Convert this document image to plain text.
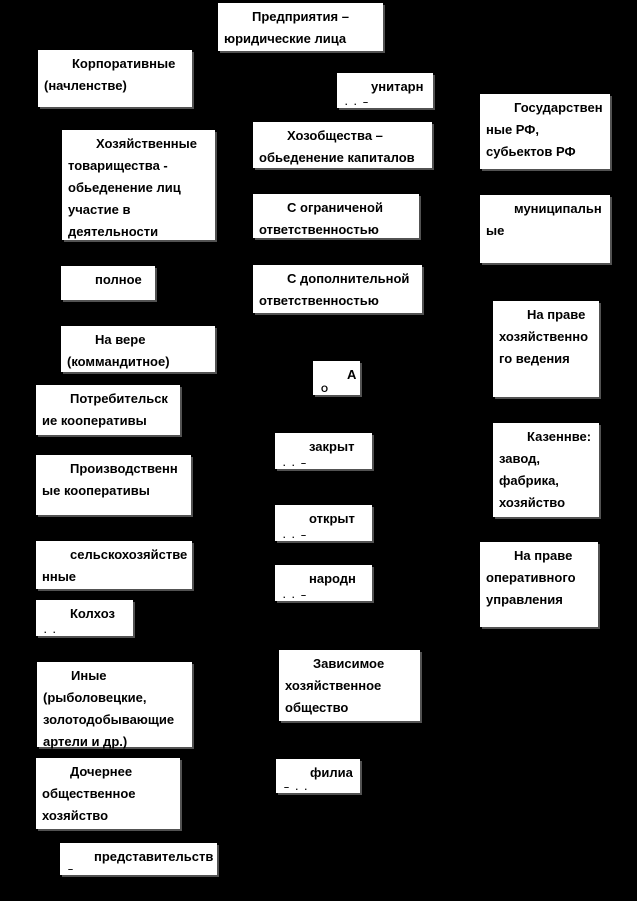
Предприятия –
юридические лица
Корпоративные
(начленстве)	унитарн
. . –	Государствен
ные РФ,
субьектов РФ
Хозобщества –
обьеденение капиталов
Хозяйственные
товарищества -
обьеденение лиц
участие в
деятельности
С ограниченой
ответственностью
муниципальн
ые
полное	С дополнительной
ответственностью
На праве
хозяйственно
го ведения
На вере
(коммандитное)
А
О
Потребительск
ие кооперативы
закрыт
. . –
Казеннве:
завод,
фабрика,
хозяйство
Производственн
ые кооперативы
открыт
. . –
сельскохозяйстве
нные
На праве
оперативного
управления
народн
. . –
Колхоз
. .
Иные
(рыболовецкие,
золотодобывающие
артели и др.)
Зависимое
хозяйственное
общество
Дочернее
общественное
хозяйство
филиа
– . .
представительств
–
